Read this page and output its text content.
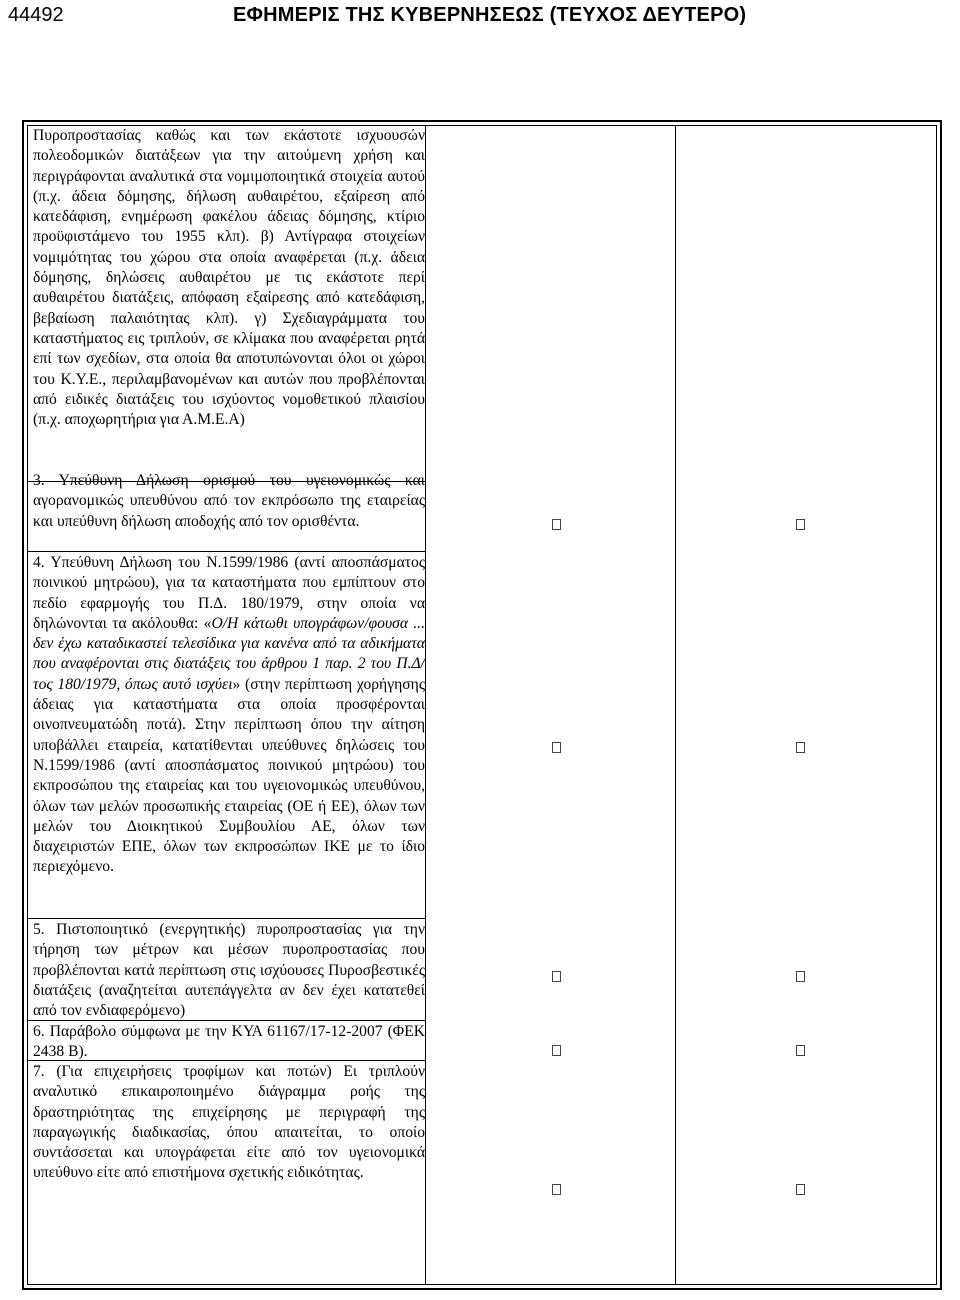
44492	ΕΦΗΜΕΡΙΣ ΤΗΣ ΚΥΒΕΡΝΗΣΕΩΣ (ΤΕΥΧΟΣ ΔΕΥΤΕΡΟ)

Πυροπροστασίας καθώς και των εκάστοτε ισχυουσών πολεοδομικών διατάξεων για την αιτούμενη χρήση και περιγράφονται αναλυτικά στα νομιμοποιητικά στοιχεία αυτού (π.χ. άδεια δόμησης, δήλωση αυθαιρέτου, εξαίρεση από κατεδάφιση, ενημέρωση φακέλου άδειας δόμησης, κτίριο προϋφιστάμενο του 1955 κλπ). β) Αντίγραφα στοιχείων νομιμότητας του χώρου στα οποία αναφέρεται (π.χ. άδεια δόμησης, δηλώσεις αυθαιρέτου με τις εκάστοτε περί αυθαιρέτου διατάξεις, απόφαση εξαίρεσης από κατεδάφιση, βεβαίωση παλαιότητας κλπ). γ) Σχεδιαγράμματα του καταστήματος εις τριπλούν, σε κλίμακα που αναφέρεται ρητά επί των σχεδίων, στα οποία θα αποτυπώνονται όλοι οι χώροι του Κ.Υ.Ε., περιλαμβανομένων και αυτών που προβλέπονται από ειδικές διατάξεις του ισχύοντος νομοθετικού πλαισίου (π.χ. αποχωρητήρια για Α.Μ.Ε.Α)

3. Υπεύθυνη Δήλωση ορισμού του υγειονομικώς και αγορανομικώς υπευθύνου από τον εκπρόσωπο της εταιρείας και υπεύθυνη δήλωση αποδοχής από τον ορισθέντα.

4. Υπεύθυνη Δήλωση του Ν.1599/1986 (αντί αποσπάσματος ποινικού μητρώου), για τα καταστήματα που εμπίπτουν στο πεδίο εφαρμογής του Π.Δ. 180/1979, στην οποία να δηλώνονται τα ακόλουθα: «Ο/Η κάτωθι υπογράφων/φουσα ... δεν έχω καταδικαστεί τελεσίδικα για κανένα από τα αδικήματα που αναφέρονται στις διατάξεις του άρθρου 1 παρ. 2 του Π.Δ/τος 180/1979, όπως αυτό ισχύει» (στην περίπτωση χορήγησης άδειας για καταστήματα στα οποία προσφέρονται οινοπνευματώδη ποτά). Στην περίπτωση όπου την αίτηση υποβάλλει εταιρεία, κατατίθενται υπεύθυνες δηλώσεις του Ν.1599/1986 (αντί αποσπάσματος ποινικού μητρώου) του εκπροσώπου της εταιρείας και του υγειονομικώς υπευθύνου, όλων των μελών προσωπικής εταιρείας (ΟΕ ή ΕΕ), όλων των μελών του Διοικητικού Συμβουλίου ΑΕ, όλων των διαχειριστών ΕΠΕ, όλων των εκπροσώπων ΙΚΕ με το ίδιο περιεχόμενο.

5. Πιστοποιητικό (ενεργητικής) πυροπροστασίας για την τήρηση των μέτρων και μέσων πυροπροστασίας που προβλέπονται κατά περίπτωση στις ισχύουσες Πυροσβεστικές διατάξεις (αναζητείται αυτεπάγγελτα αν δεν έχει κατατεθεί από τον ενδιαφερόμενο)

6. Παράβολο σύμφωνα με την ΚΥΑ 61167/17-12-2007 (ΦΕΚ 2438 Β).

7. (Για επιχειρήσεις τροφίμων και ποτών) Ει τριπλούν αναλυτικό επικαιροποιημένο διάγραμμα ροής της δραστηριότητας της επιχείρησης με περιγραφή της παραγωγικής διαδικασίας, όπου απαιτείται, το οποίο συντάσσεται και υπογράφεται είτε από τον υγειονομικά υπεύθυνο είτε από επιστήμονα σχετικής ειδικότητας.
